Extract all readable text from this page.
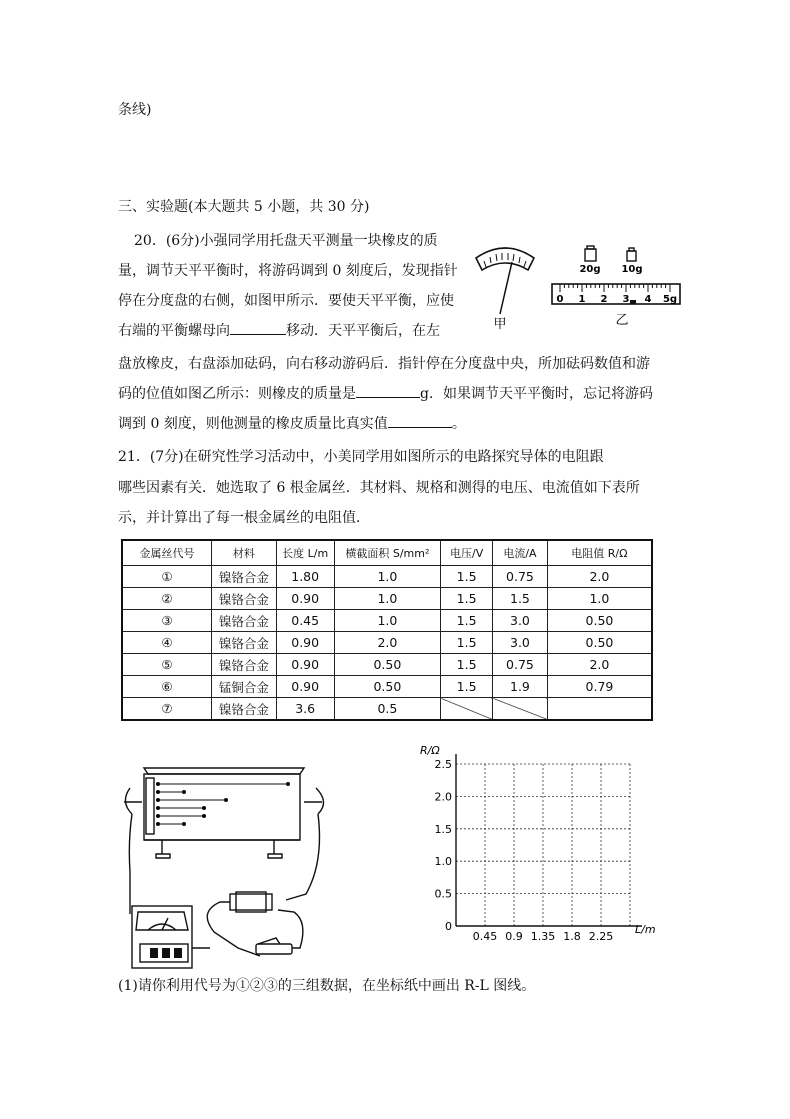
条线)
三、实验题(本大题共 5 小题，共 30 分)
20．(6分)小强同学用托盘天平测量一块橡皮的质
量，调节天平平衡时，将游码调到 0 刻度后，发现指针
停在分度盘的右侧，如图甲所示．要使天平平衡，应使
右端的平衡螺母向	移动．天平平衡后，在左
盘放橡皮，右盘添加砝码，向右移动游码后．指针停在分度盘中央，所加砝码数值和游
码的位值如图乙所示：则橡皮的质量是	g．如果调节天平平衡时，忘记将游码
调到 0 刻度，则他测量的橡皮质量比真实值	。
21．(7分)在研究性学习活动中，小美同学用如图所示的电路探究导体的电阻跟
哪些因素有关．她选取了 6 根金属丝．其材料、规格和测得的电压、电流值如下表所
示，并计算出了每一根金属丝的电阻值．
(1)请你利用代号为①②③的三组数据，在坐标纸中画出 R-L 图线。
甲
20g 10g
0 1 2 3 4 5g
乙
金属丝代号	材料	长度 L/m	横截面积 S/mm²	电压/V	电流/A	电阻值 R/Ω
①	镍铬合金	1.80	1.0	1.5	0.75	2.0
②	镍铬合金	0.90	1.0	1.5	1.5	1.0
③	镍铬合金	0.45	1.0	1.5	3.0	0.50
④	镍铬合金	0.90	2.0	1.5	3.0	0.50
⑤	镍铬合金	0.90	0.50	1.5	0.75	2.0
⑥	锰铜合金	0.90	0.50	1.5	1.9	0.79
⑦	镍铬合金	3.6	0.5			
R/Ω
L/m
0.45 0.9 1.35 1.8 2.25
0
0.5
1.0
1.5
2.0
2.5
